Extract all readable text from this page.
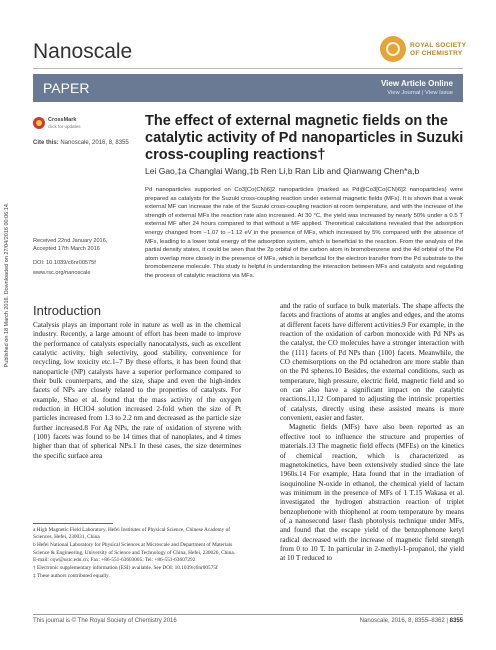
Published on 18 March 2016. Downloaded on 27/04/2016 00:06:14.
Nanoscale	ROYAL SOCIETY
OF CHEMISTRY
PAPER	View Article Online
View Journal | View Issue
CrossMark
click for updates
Cite this: Nanoscale, 2016, 8, 8355
The effect of external magnetic fields on the catalytic activity of Pd nanoparticles in Suzuki cross-coupling reactions†
Lei Gao,‡a Changlai Wang,‡b Ren Li,b Ran Lib and Qianwang Chen*a,b
Pd nanoparticles supported on Co3[Co(CN)6]2 nanoparticles (marked as Pd@Co3[Co(CN)6]2 nanoparticles) were prepared as catalysts for the Suzuki cross-coupling reaction under external magnetic fields (MFs). It is shown that a weak external MF can increase the rate of the Suzuki cross-coupling reaction at room temperature, and with the increase of the strength of external MFs the reaction rate also increased. At 30 °C, the yield was increased by nearly 50% under a 0.5 T external MF after 24 hours compared to that without a MF applied. Theoretical calculations revealed that the adsorption energy changed from −1.07 to −1.12 eV in the presence of MFs, which increased by 5% compared with the absence of MFs, leading to a lower total energy of the adsorption system, which is beneficial to the reaction. From the analysis of the partial density states, it could be seen that the 2p orbital of the carbon atom in bromobenzene and the 4d orbital of the Pd atom overlap more closely in the presence of MFs, which is beneficial for the electron transfer from the Pd substrate to the bromobenzene molecule. This study is helpful in understanding the interaction between MFs and catalysts and regulating the process of catalytic reactions via MFs.
Received 22nd January 2016,
Accepted 17th March 2016
DOI: 10.1039/c6nr00575f
www.rsc.org/nanoscale
Introduction

Catalysis plays an important role in nature as well as in the chemical industry. Recently, a large amount of effort has been made to improve the performance of catalysts especially nanocatalysts, such as excellent catalytic activity, high selectivity, good stability, convenience for recycling, low toxicity etc.1–7 By these efforts, it has been found that nanoparticle (NP) catalysts have a superior performance compared to their bulk counterparts, and the size, shape and even the high-index facets of NPs are closely related to the properties of catalysts. For example, Shao et al. found that the mass activity of the oxygen reduction in HClO4 solution increased 2-fold when the size of Pt particles increased from 1.3 to 2.2 nm and decreased as the particle size further increased.8 For Ag NPs, the rate of oxidation of styrene with {100} facets was found to be 14 times that of nanoplates, and 4 times higher than that of spherical NPs.1 In these cases, the size determines the specific surface area

and the ratio of surface to bulk materials. The shape affects the facets and fractions of atoms at angles and edges, and the atoms at different facets have different activities.9 For example, in the reaction of the oxidation of carbon monoxide with Pd NPs as the catalyst, the CO molecules have a stronger interaction with the {111} facets of Pd NPs than {100} facets. Meanwhile, the CO chemisorptions on the Pd octahedron are more stable than on the Pd spheres.10 Besides, the external conditions, such as temperature, high pressure, electric field, magnetic field and so on can also have a significant impact on the catalytic reactions.11,12 Compared to adjusting the intrinsic properties of catalysts, directly using these assisted means is more convenient, easier and faster.

Magnetic fields (MFs) have also been reported as an effective tool to influence the structure and properties of materials.13 The magnetic field effects (MFEs) on the kinetics of chemical reaction, which is characterized as magnetokinetics, have been extensively studied since the late 1960s.14 For example, Hata found that in the irradiation of isoquinoline N-oxide in ethanol, the chemical yield of lactam was minimum in the presence of MFs of 1 T.15 Wakasa et al. investigated the hydrogen abstraction reaction of triplet benzophenone with thiophenol at room temperature by means of a nanosecond laser flash photolysis technique under MFs, and found that the escape yield of the benzophenone ketyl radical decreased with the increase of magnetic field strength from 0 to 10 T. In particular in 2-methyl-1-propanol, the yield at 10 T reduced to

a High Magnetic Field Laboratory, Hefei Institutes of Physical Science, Chinese Academy of Sciences, Hefei, 230031, China

b Hefei National Laboratory for Physical Sciences at Microscale and Department of Materials Science & Engineering, University of Science and Technology of China, Hefei, 230026, China. E-mail: cqw@ustc.edu.cn; Fax: +86-551-63603005; Tel: +86-551-63607292

† Electronic supplementary information (ESI) available. See DOI: 10.1039/c6nr00575f

‡ These authors contributed equally.

This journal is © The Royal Society of Chemistry 2016	Nanoscale, 2016, 8, 8355–8362 | 8355
